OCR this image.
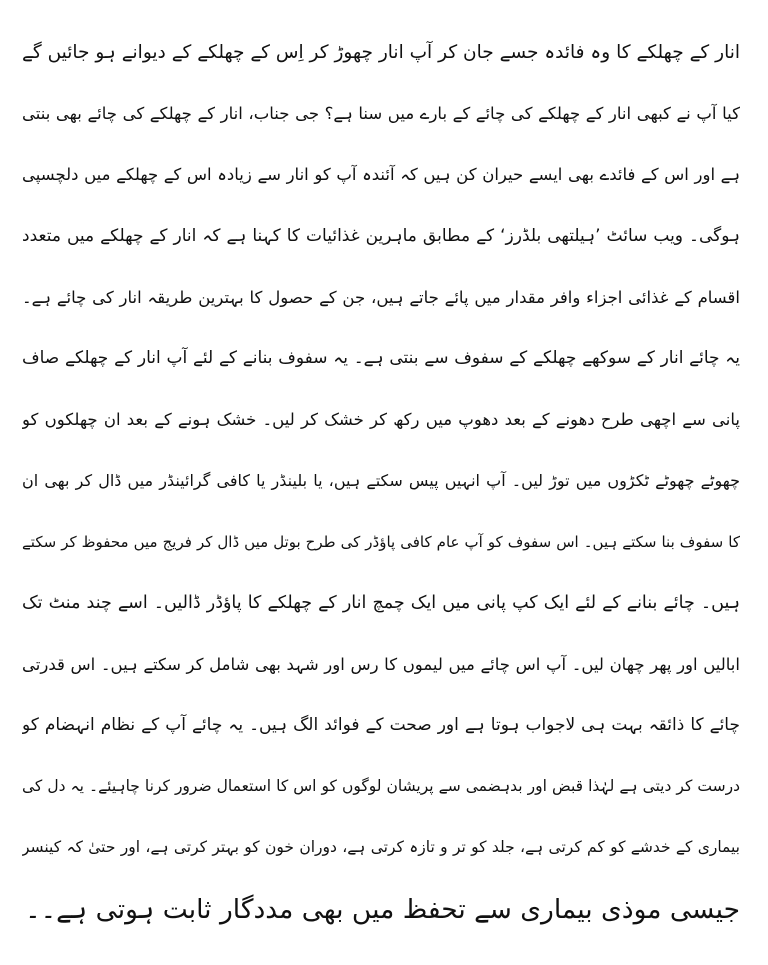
انار کے چھلکے کا وہ فائدہ جسے جان کر آپ انار چھوڑ کر اِس کے چھلکے کے دیوانے ہو جائیں گے
کیا آپ نے کبھی انار کے چھلکے کی چائے کے بارے میں سنا ہے؟ جی جناب، انار کے چھلکے کی چائے بھی بنتی
ہے اور اس کے فائدے بھی ایسے حیران کن ہیں کہ آئندہ آپ کو انار سے زیادہ اس کے چھلکے میں دلچسپی
ہوگی۔ ویب سائٹ ’ہیلتھی بلڈرز‘ کے مطابق ماہرین غذائیات کا کہنا ہے کہ انار کے چھلکے میں متعدد
اقسام کے غذائی اجزاء وافر مقدار میں پائے جاتے ہیں، جن کے حصول کا بہترین طریقہ انار کی چائے ہے۔
یہ چائے انار کے سوکھے چھلکے کے سفوف سے بنتی ہے۔ یہ سفوف بنانے کے لئے آپ انار کے چھلکے صاف
پانی سے اچھی طرح دھونے کے بعد دھوپ میں رکھ کر خشک کر لیں۔ خشک ہونے کے بعد ان چھلکوں کو
چھوٹے چھوٹے ٹکڑوں میں توڑ لیں۔ آپ انہیں پیس سکتے ہیں، یا بلینڈر یا کافی گرائینڈر میں ڈال کر بھی ان
کا سفوف بنا سکتے ہیں۔ اس سفوف کو آپ عام کافی پاؤڈر کی طرح بوتل میں ڈال کر فریج میں محفوظ کر سکتے
ہیں۔ چائے بنانے کے لئے ایک کپ پانی میں ایک چمچ انار کے چھلکے کا پاؤڈر ڈالیں۔ اسے چند منٹ تک
ابالیں اور پھر چھان لیں۔ آپ اس چائے میں لیموں کا رس اور شہد بھی شامل کر سکتے ہیں۔ اس قدرتی
چائے کا ذائقہ بہت ہی لاجواب ہوتا ہے اور صحت کے فوائد الگ ہیں۔ یہ چائے آپ کے نظام انہضام کو
درست کر دیتی ہے لہٰذا قبض اور بدہضمی سے پریشان لوگوں کو اس کا استعمال ضرور کرنا چاہیئے۔ یہ دل کی
بیماری کے خدشے کو کم کرتی ہے، جلد کو تر و تازہ کرتی ہے، دوران خون کو بہتر کرتی ہے، اور حتیٰ کہ کینسر
جیسی موذی بیماری سے تحفظ میں بھی مددگار ثابت ہوتی ہے۔۔
